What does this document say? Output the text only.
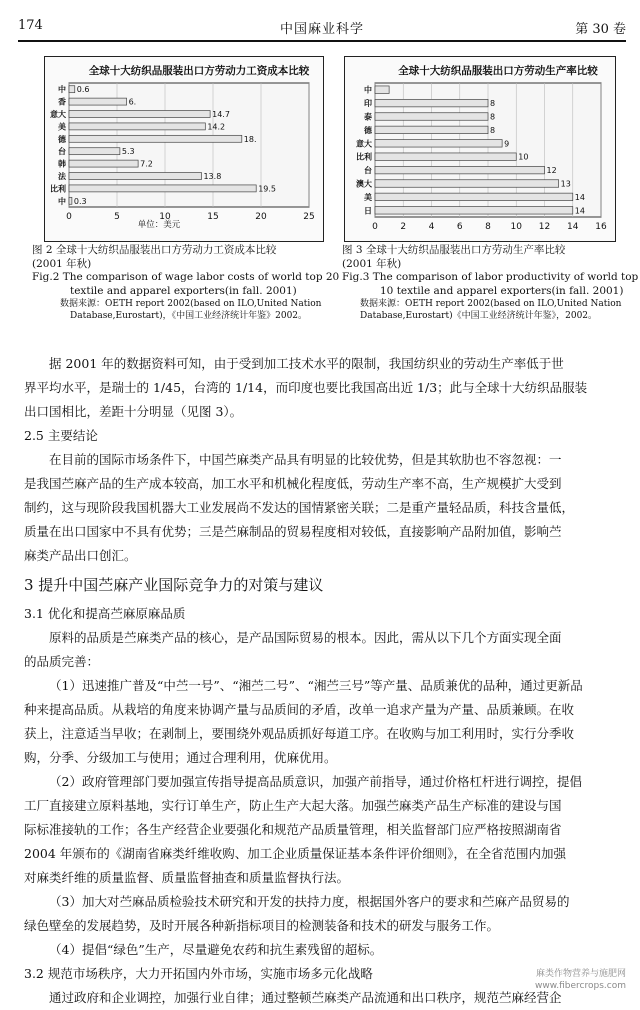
174	中国麻业科学	第 30 卷
0	5	10	15	20	25
全球十大纺织品服装出口方劳动力工资成本比较
0.6
中
6.
香
14.7
意大
14.2
美
18.
德
5.3
台
7.2
韩
13.8
法
19.5
比利
0.3
中
单位：美元	0	2	4	6	8 10 12 14 16
全球十大纺织品服装出口方劳动生产率比较
中
8
印
8
泰
8
德
9
意大
10
比利
12
台
13
澳大
14
美
14
日
图 2 全球十大纺织品服装出口方劳动力工资成本比较
(2001 年秋)
Fig.2 The comparison of wage labor costs of world top 20
textile and apparel exporters(in fall. 2001)
数据来源：OETH report 2002(based on ILO,United Nation
Database,Eurostart)，《中国工业经济统计年鉴》2002。
图 3 全球十大纺织品服装出口方劳动生产率比较
(2001 年秋)
Fig.3 The comparison of labor productivity of world top
10 textile and apparel exporters(in fall. 2001)
数据来源：OETH report 2002(based on ILO,United Nation
Database,Eurostart)《中国工业经济统计年鉴》，2002。
据 2001 年的数据资料可知，由于受到加工技术水平的限制，我国纺织业的劳动生产率低于世
界平均水平，是瑞士的 1/45，台湾的 1/14，而印度也要比我国高出近 1/3；此与全球十大纺织品服装
出口国相比，差距十分明显（见图 3）。
2.5 主要结论
在目前的国际市场条件下，中国苎麻类产品具有明显的比较优势，但是其软肋也不容忽视：一
是我国苎麻产品的生产成本较高，加工水平和机械化程度低，劳动生产率不高，生产规模扩大受到
制约，这与现阶段我国机器大工业发展尚不发达的国情紧密关联；二是重产量轻品质，科技含量低，
质量在出口国家中不具有优势；三是苎麻制品的贸易程度相对较低，直接影响产品附加值，影响苎
麻类产品出口创汇。
3 提升中国苎麻产业国际竞争力的对策与建议
3.1 优化和提高苎麻原麻品质
原料的品质是苎麻类产品的核心，是产品国际贸易的根本。因此，需从以下几个方面实现全面
的品质完善：
（1）迅速推广普及“中苎一号”、“湘苎二号”、“湘苎三号”等产量、品质兼优的品种，通过更新品
种来提高品质。从栽培的角度来协调产量与品质间的矛盾，改单一追求产量为产量、品质兼顾。在收
获上，注意适当早收；在剥制上，要围绕外观品质抓好每道工序。在收购与加工利用时，实行分季收
购，分季、分级加工与使用；通过合理利用，优麻优用。
（2）政府管理部门要加强宣传指导提高品质意识，加强产前指导，通过价格杠杆进行调控，提倡
工厂直接建立原料基地，实行订单生产，防止生产大起大落。加强苎麻类产品生产标准的建设与国
际标准接轨的工作；各生产经营企业要强化和规范产品质量管理，相关监督部门应严格按照湖南省
2004 年颁布的《湖南省麻类纤维收购、加工企业质量保证基本条件评价细则》，在全省范围内加强
对麻类纤维的质量监督、质量监督抽查和质量监督执行法。
（3）加大对苎麻品质检验技术研究和开发的扶持力度，根据国外客户的要求和苎麻产品贸易的
绿色壁垒的发展趋势，及时开展各种新指标项目的检测装备和技术的研发与服务工作。
（4）提倡“绿色”生产，尽量避免农药和抗生素残留的超标。
3.2 规范市场秩序，大力开拓国内外市场，实施市场多元化战略
通过政府和企业调控，加强行业自律；通过整顿苎麻类产品流通和出口秩序，规范苎麻经营企
麻类作物营养与施肥网
www.fibercrops.com
